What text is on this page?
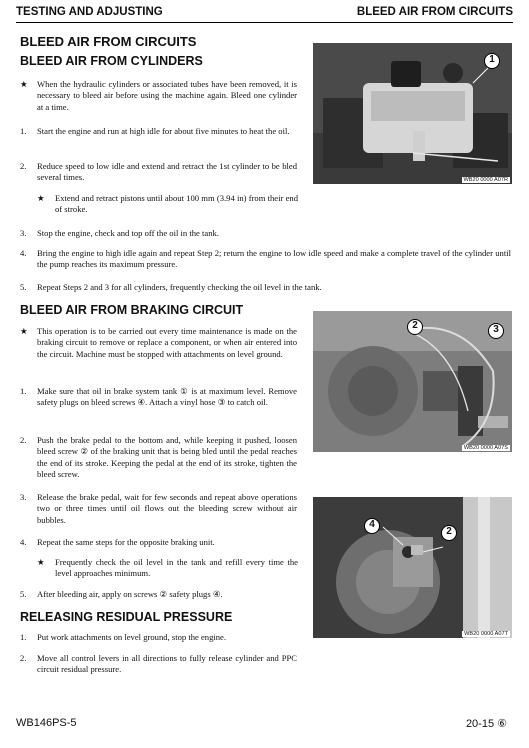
TESTING AND ADJUSTING	BLEED AIR FROM CIRCUITS
BLEED AIR FROM CIRCUITS
BLEED AIR FROM CYLINDERS
★ When the hydraulic cylinders or associated tubes have been removed, it is necessary to bleed air before using the machine again. Bleed one cylinder at a time.
1. Start the engine and run at high idle for about five minutes to heat the oil.
2. Reduce speed to low idle and extend and retract the 1st cylinder to be bled several times.
★ Extend and retract pistons until about 100 mm (3.94 in) from their end of stroke.
3. Stop the engine, check and top off the oil in the tank.
4. Bring the engine to high idle again and repeat Step 2; return the engine to low idle speed and make a complete travel of the cylinder until the pump reaches its maximum pressure.
5. Repeat Steps 2 and 3 for all cylinders, frequently checking the oil level in the tank.
BLEED AIR FROM BRAKING CIRCUIT
★ This operation is to be carried out every time maintenance is made on the braking circuit to remove or replace a component, or when air entered into the circuit. Machine must be stopped with attachments on level ground.
1. Make sure that oil in brake system tank ① is at maximum level. Remove safety plugs on bleed screws ④. Attach a vinyl hose ③ to catch oil.
2. Push the brake pedal to the bottom and, while keeping it pushed, loosen bleed screw ② of the braking unit that is being bled until the pedal reaches the end of its stroke. Keeping the pedal at the end of its stroke, tighten the bleed screw.
3. Release the brake pedal, wait for few seconds and repeat above operations two or three times until oil flows out the bleeding screw without air bubbles.
4. Repeat the same steps for the opposite braking unit.
★ Frequently check the oil level in the tank and refill every time the level approaches minimum.
5. After bleeding air, apply on screws ② safety plugs ④.
RELEASING RESIDUAL PRESSURE
1. Put work attachments on level ground, stop the engine.
2. Move all control levers in all directions to fully release cylinder and PPC circuit residual pressure.
1
WB20 0000 A07R
2	3
WB20 0000 A07S
4
2
WB20 0000 A07T
WB146PS-5	20-15 ⑥
